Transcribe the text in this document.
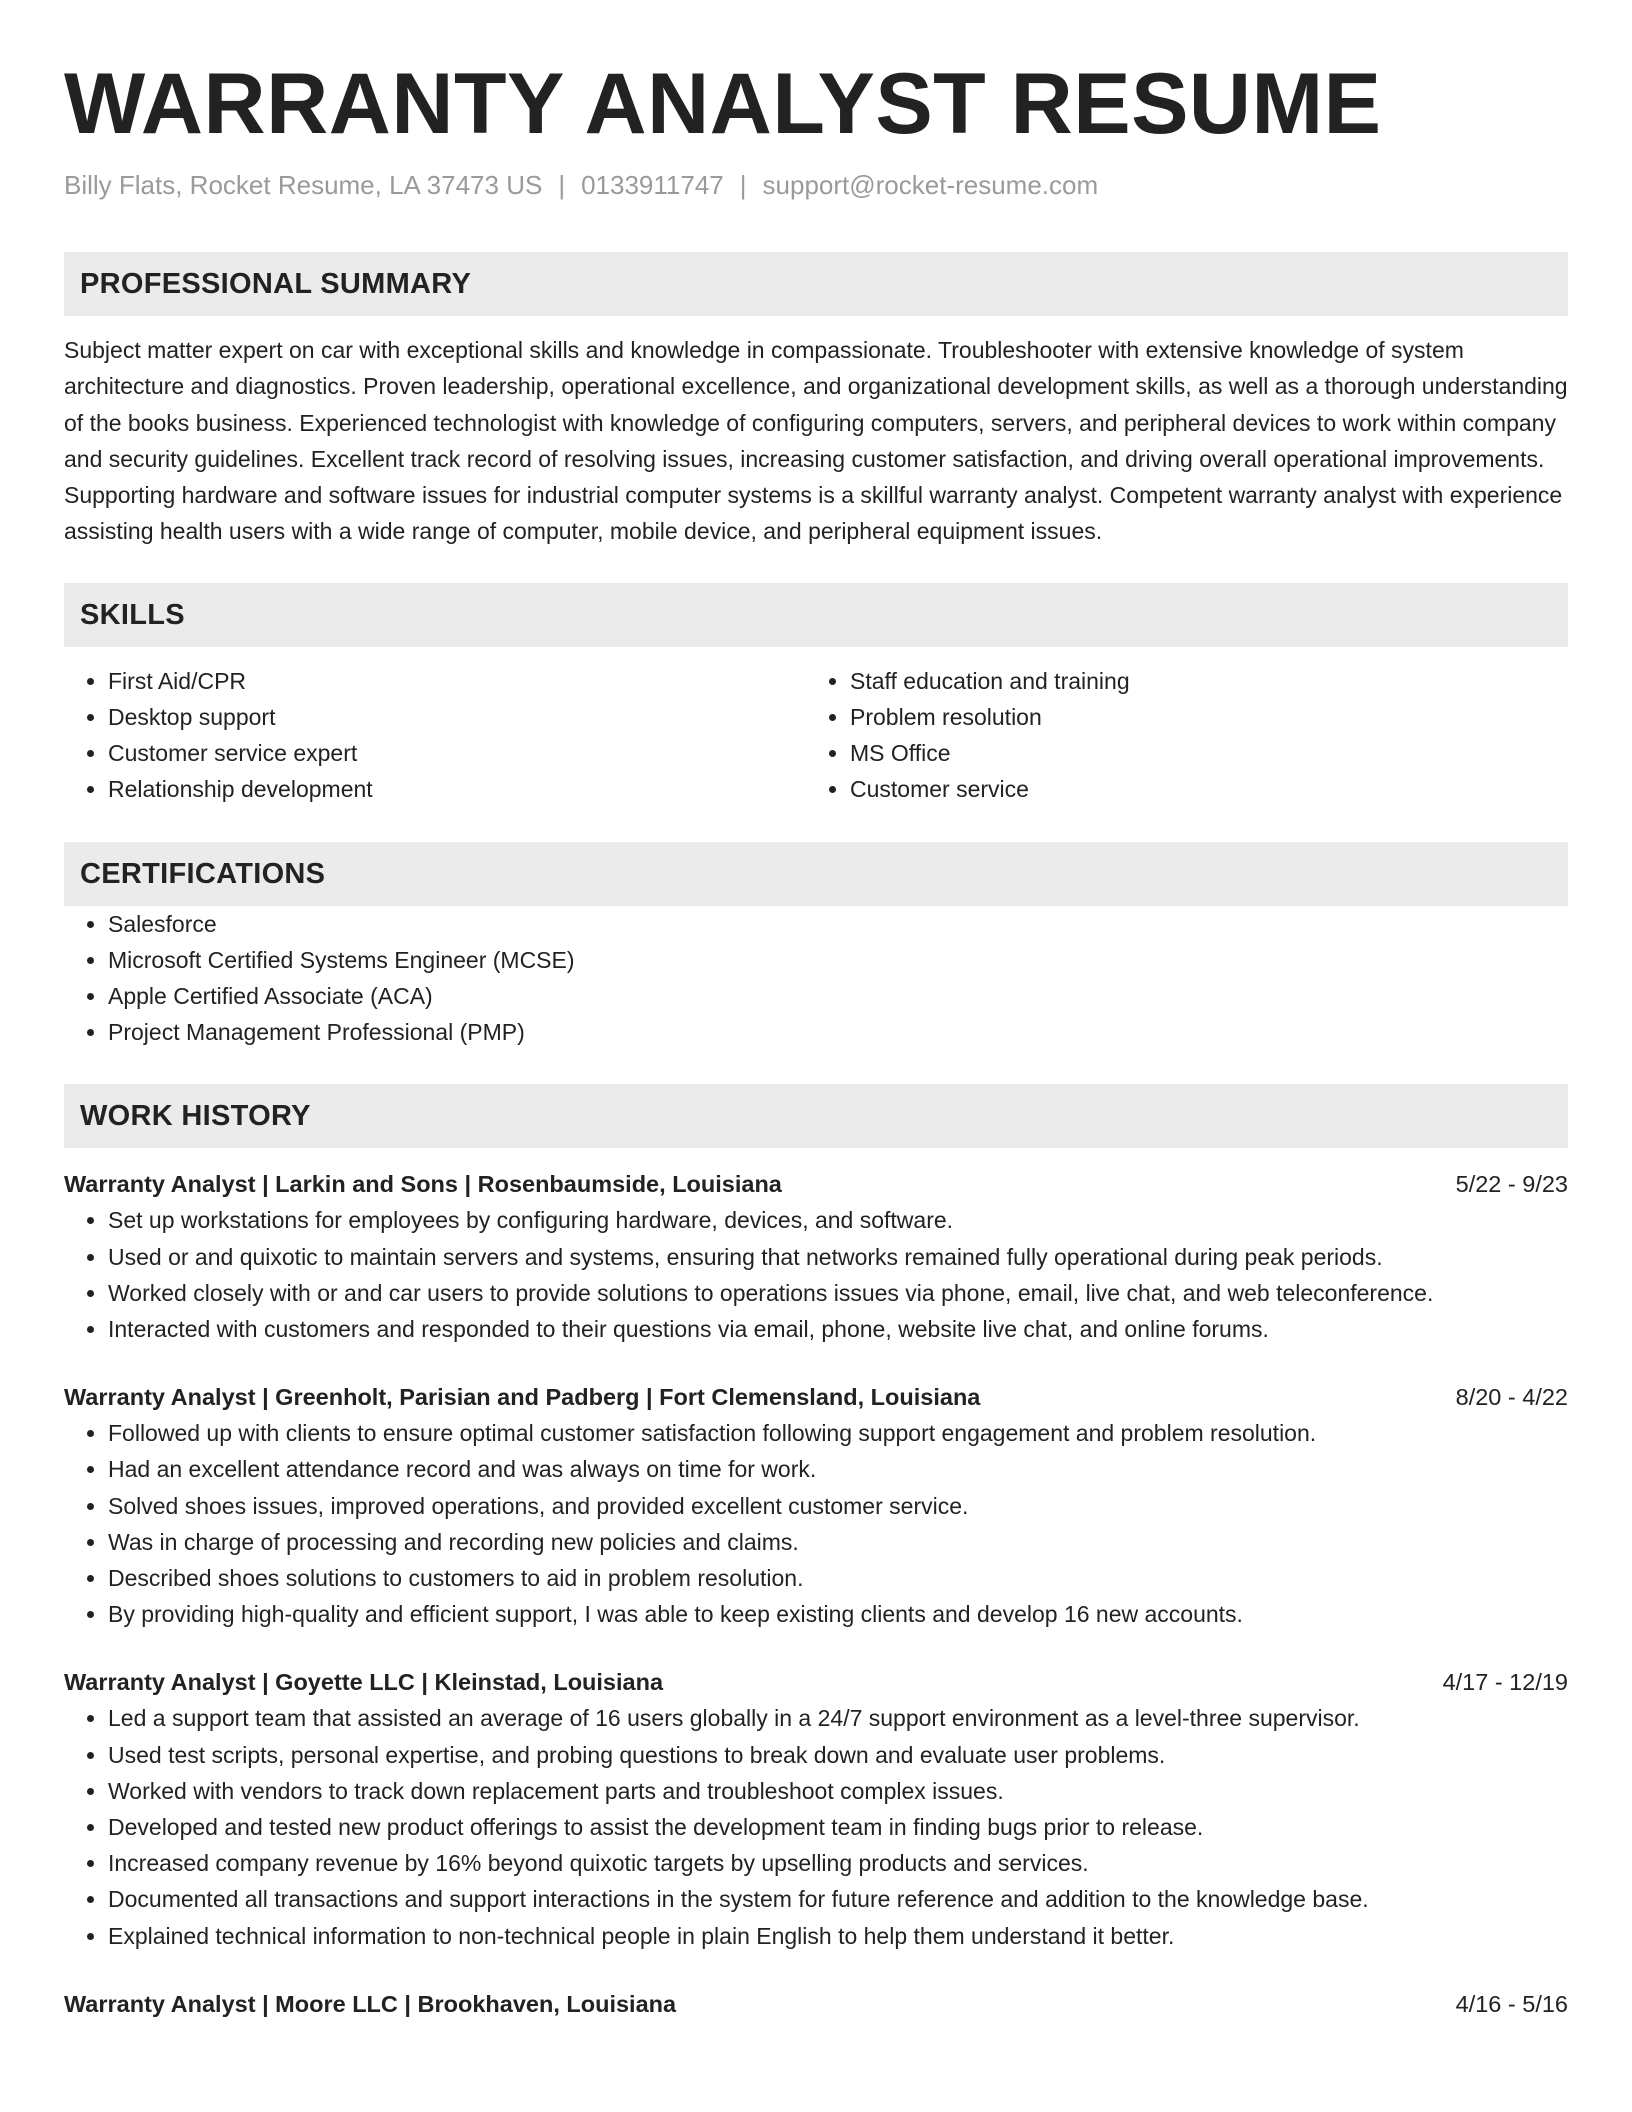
WARRANTY ANALYST RESUME
Billy Flats, Rocket Resume, LA 37473 US | 0133911747 | support@rocket-resume.com
PROFESSIONAL SUMMARY

Subject matter expert on car with exceptional skills and knowledge in compassionate. Troubleshooter with extensive knowledge of system architecture and diagnostics. Proven leadership, operational excellence, and organizational development skills, as well as a thorough understanding of the books business. Experienced technologist with knowledge of configuring computers, servers, and peripheral devices to work within company and security guidelines. Excellent track record of resolving issues, increasing customer satisfaction, and driving overall operational improvements. Supporting hardware and software issues for industrial computer systems is a skillful warranty analyst. Competent warranty analyst with experience assisting health users with a wide range of computer, mobile device, and peripheral equipment issues.

SKILLS
• First Aid/CPR
• Desktop support
• Customer service expert
• Relationship development
• Staff education and training
• Problem resolution
• MS Office
• Customer service
CERTIFICATIONS
• Salesforce
• Microsoft Certified Systems Engineer (MCSE)
• Apple Certified Associate (ACA)
• Project Management Professional (PMP)
WORK HISTORY
Warranty Analyst | Larkin and Sons | Rosenbaumside, Louisiana	5/22 - 9/23
• Set up workstations for employees by configuring hardware, devices, and software.
• Used or and quixotic to maintain servers and systems, ensuring that networks remained fully operational during peak periods.
• Worked closely with or and car users to provide solutions to operations issues via phone, email, live chat, and web teleconference.
• Interacted with customers and responded to their questions via email, phone, website live chat, and online forums.
Warranty Analyst | Greenholt, Parisian and Padberg | Fort Clemensland, Louisiana	8/20 - 4/22
• Followed up with clients to ensure optimal customer satisfaction following support engagement and problem resolution.
• Had an excellent attendance record and was always on time for work.
• Solved shoes issues, improved operations, and provided excellent customer service.
• Was in charge of processing and recording new policies and claims.
• Described shoes solutions to customers to aid in problem resolution.
• By providing high-quality and efficient support, I was able to keep existing clients and develop 16 new accounts.
Warranty Analyst | Goyette LLC | Kleinstad, Louisiana	4/17 - 12/19
• Led a support team that assisted an average of 16 users globally in a 24/7 support environment as a level-three supervisor.
• Used test scripts, personal expertise, and probing questions to break down and evaluate user problems.
• Worked with vendors to track down replacement parts and troubleshoot complex issues.
• Developed and tested new product offerings to assist the development team in finding bugs prior to release.
• Increased company revenue by 16% beyond quixotic targets by upselling products and services.
• Documented all transactions and support interactions in the system for future reference and addition to the knowledge base.
• Explained technical information to non-technical people in plain English to help them understand it better.
Warranty Analyst | Moore LLC | Brookhaven, Louisiana	4/16 - 5/16
